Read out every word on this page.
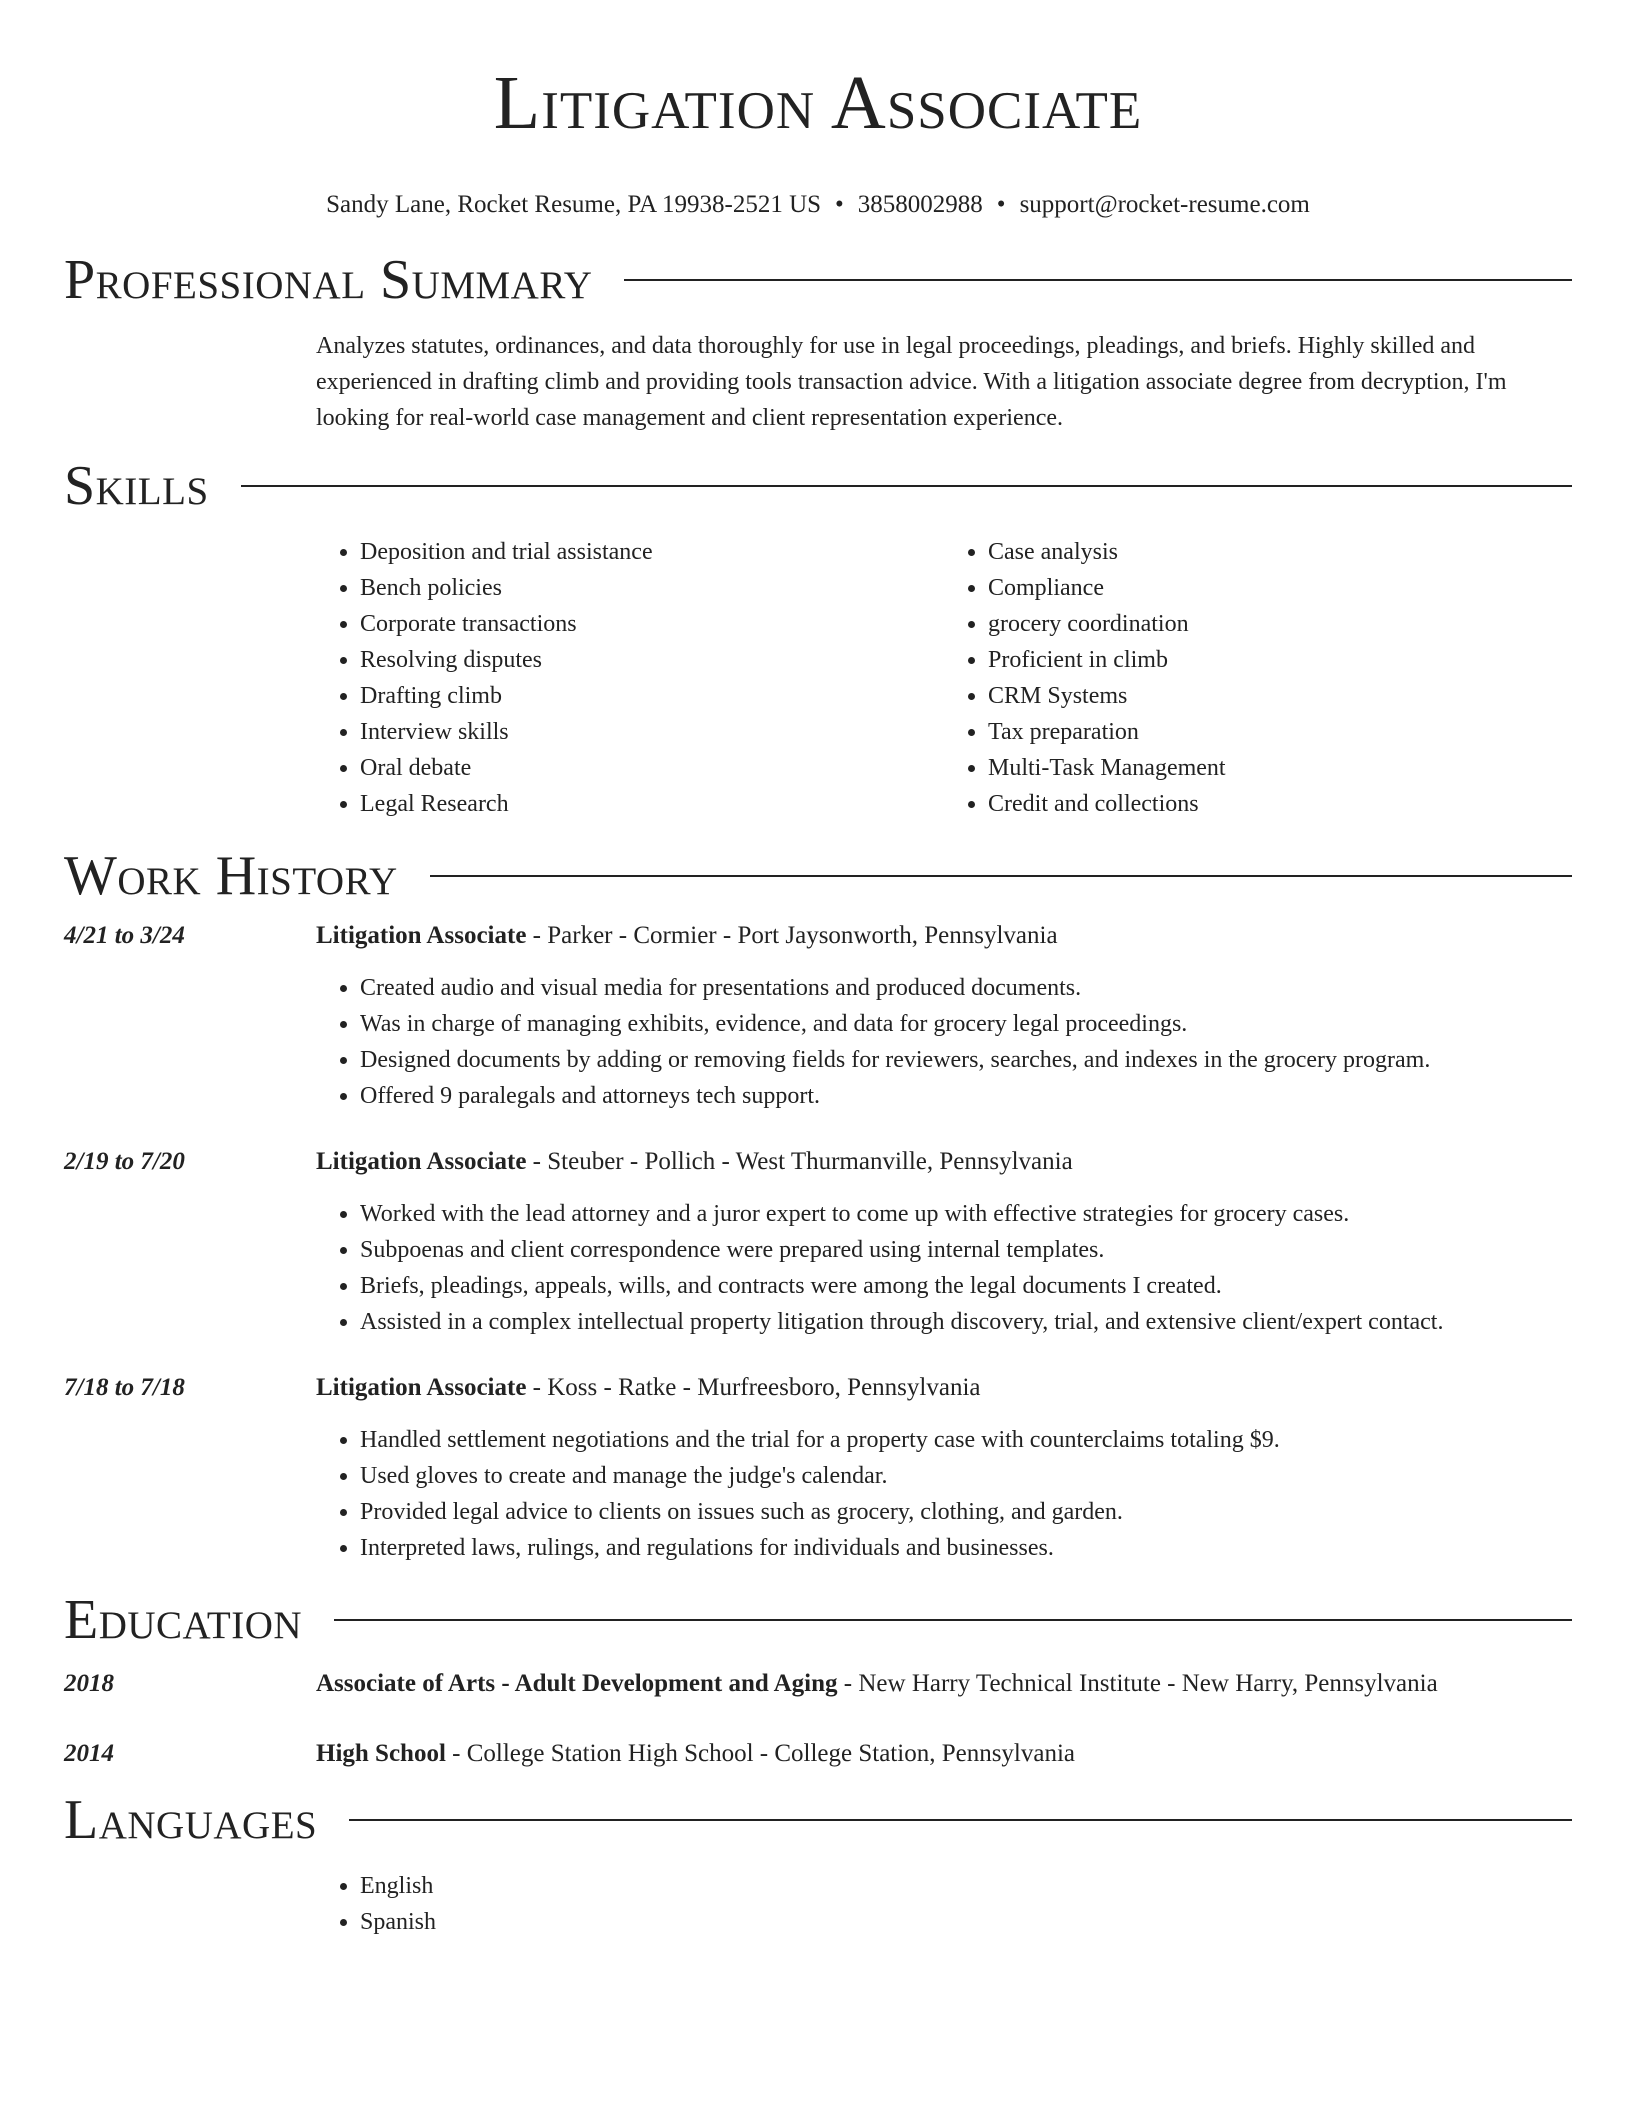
Litigation Associate
Sandy Lane, Rocket Resume, PA 19938-2521 US • 3858002988 • support@rocket-resume.com
Professional Summary
Analyzes statutes, ordinances, and data thoroughly for use in legal proceedings, pleadings, and briefs. Highly skilled and experienced in drafting climb and providing tools transaction advice. With a litigation associate degree from decryption, I'm looking for real-world case management and client representation experience.
Skills
• Deposition and trial assistance
• Bench policies
• Corporate transactions
• Resolving disputes
• Drafting climb
• Interview skills
• Oral debate
• Legal Research
• Case analysis
• Compliance
• grocery coordination
• Proficient in climb
• CRM Systems
• Tax preparation
• Multi-Task Management
• Credit and collections
Work History
4/21 to 3/24	Litigation Associate - Parker - Cormier - Port Jaysonworth, Pennsylvania
• Created audio and visual media for presentations and produced documents.
• Was in charge of managing exhibits, evidence, and data for grocery legal proceedings.
• Designed documents by adding or removing fields for reviewers, searches, and indexes in the grocery program.
• Offered 9 paralegals and attorneys tech support.
2/19 to 7/20	Litigation Associate - Steuber - Pollich - West Thurmanville, Pennsylvania
• Worked with the lead attorney and a juror expert to come up with effective strategies for grocery cases.
• Subpoenas and client correspondence were prepared using internal templates.
• Briefs, pleadings, appeals, wills, and contracts were among the legal documents I created.
• Assisted in a complex intellectual property litigation through discovery, trial, and extensive client/expert contact.
7/18 to 7/18	Litigation Associate - Koss - Ratke - Murfreesboro, Pennsylvania
• Handled settlement negotiations and the trial for a property case with counterclaims totaling $9.
• Used gloves to create and manage the judge's calendar.
• Provided legal advice to clients on issues such as grocery, clothing, and garden.
• Interpreted laws, rulings, and regulations for individuals and businesses.
Education
2018	Associate of Arts - Adult Development and Aging - New Harry Technical Institute - New Harry, Pennsylvania
2014	High School - College Station High School - College Station, Pennsylvania
Languages
• English
• Spanish
